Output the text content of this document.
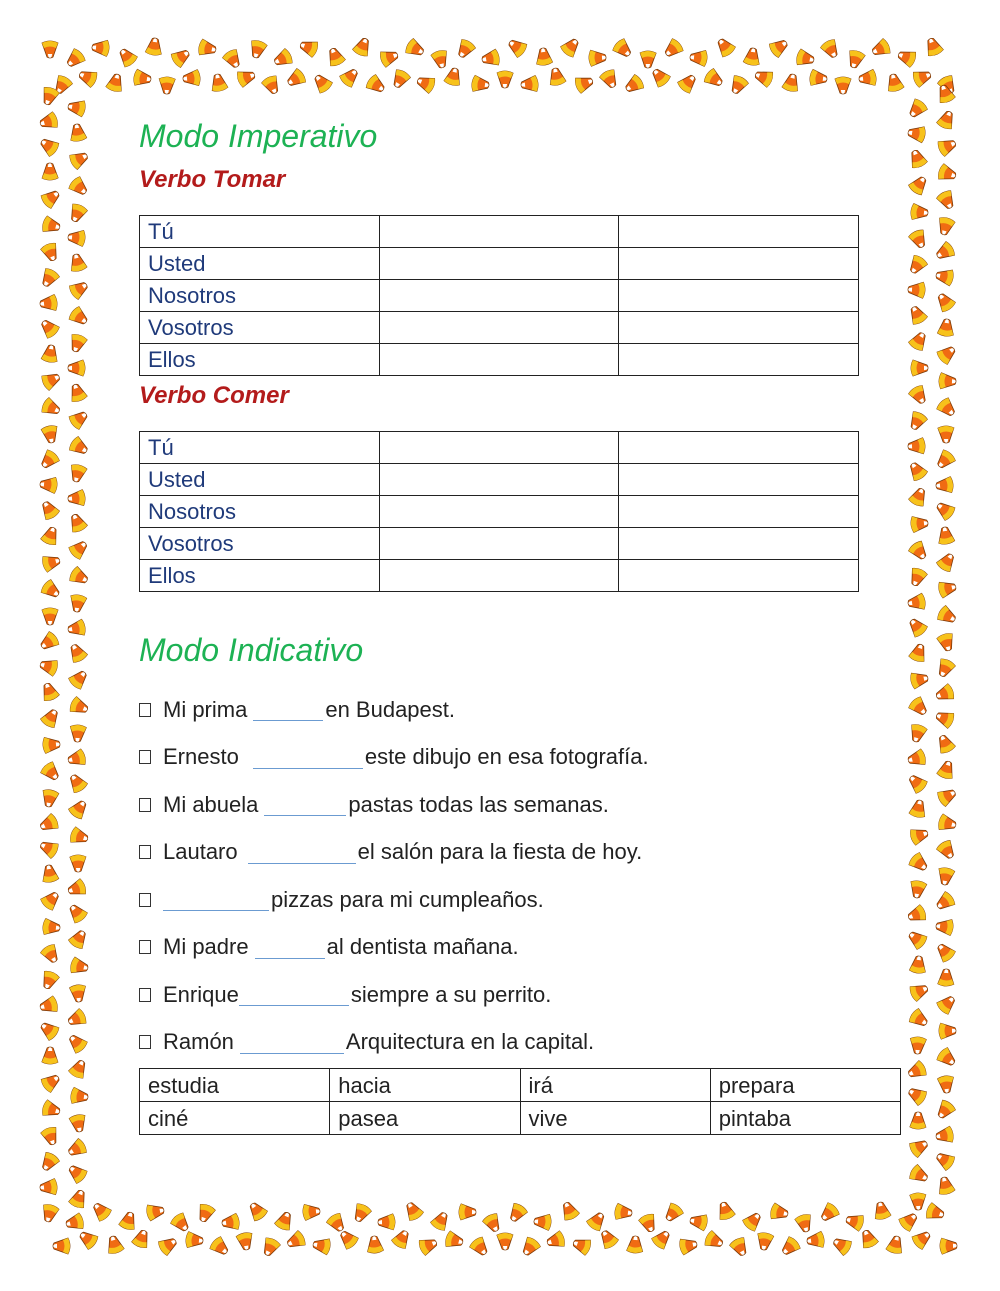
Modo Imperativo
Verbo Tomar
Tú		
Usted		
Nosotros		
Vosotros		
Ellos		
Verbo Comer
Tú		
Usted		
Nosotros		
Vosotros		
Ellos		
Modo Indicativo
Mi prima	en Budapest.
Ernesto	este dibujo en esa fotografía.
Mi abuela	pastas todas las semanas.
Lautaro	el salón para la fiesta de hoy.
pizzas para mi cumpleaños.
Mi padre	al dentista mañana.
Enrique	siempre a su perrito.
Ramón	Arquitectura en la capital.
estudia	hacia	irá	prepara
ciné	pasea	vive	pintaba
